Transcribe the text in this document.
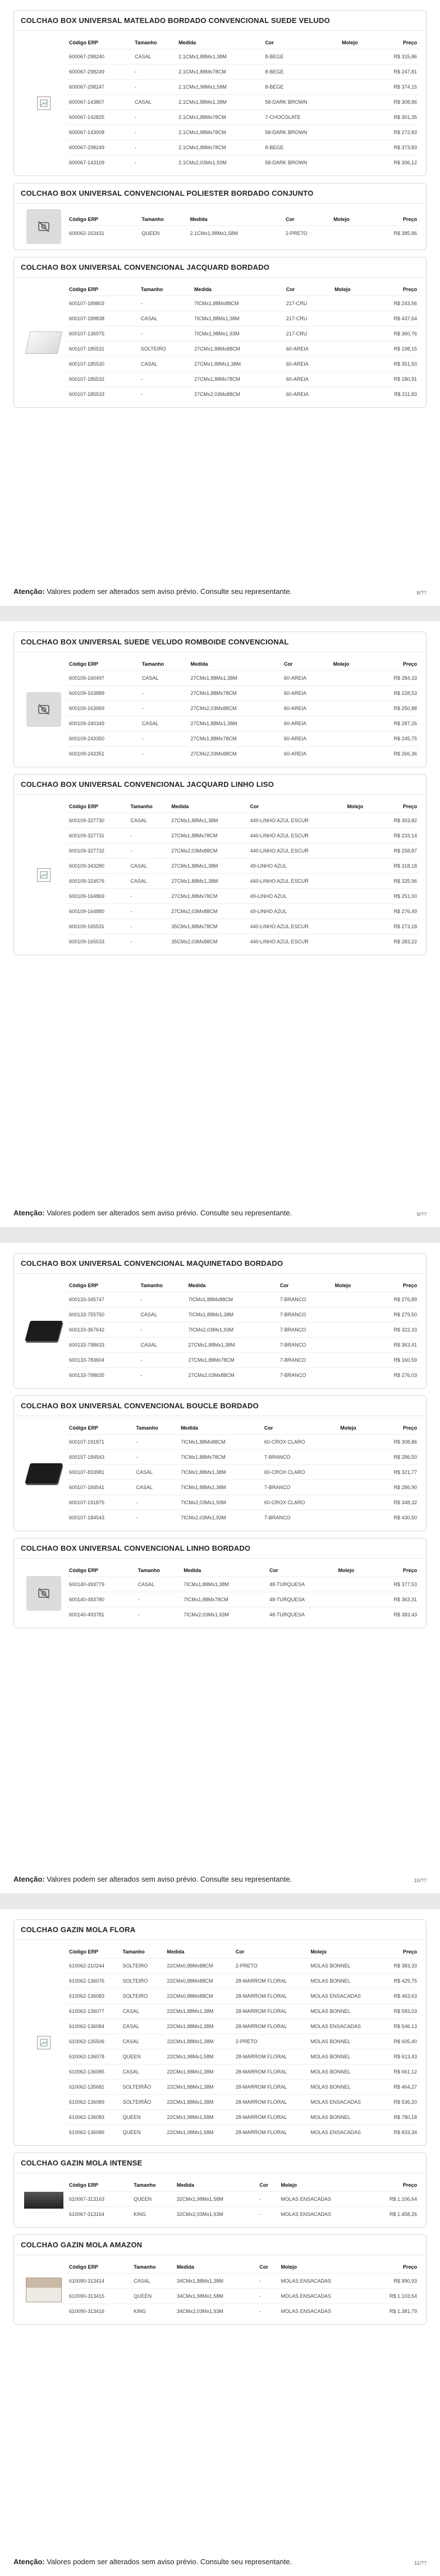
COLCHAO BOX UNIVERSAL MATELADO BORDADO CONVENCIONAL SUEDE VELUDO
Código ERP	Tamanho	Medida	Cor	Molejo	Preço
600067-298240	CASAL	2.1CMx1,88Mx1,38M	8-BEGE		R$ 315,86
600067-298249	-	2.1CMx1,88Mx78CM	8-BEGE		R$ 247,81
600067-298247	-	2.1CMx1,98Mx1,58M	8-BEGE		R$ 374,15
600067-143807	CASAL	2.1CMx1,88Mx1,38M	58-DARK BROWN		R$ 308,86
600067-142825	-	2.1CMx1,88Mx78CM	7-CHOCOLATE		R$ 301,35
600067-143008	-	2.1CMx1,88Mx78CM	58-DARK BROWN		R$ 272,83
600067-298249	-	2.1CMx1,88Mx78CM	8-BEGE		R$ 373,83
600067-143109	-	2.1CMx2,03Mx1,93M	58-DARK BROWN		R$ 306,12
COLCHAO BOX UNIVERSAL CONVENCIONAL POLIESTER BORDADO CONJUNTO
Código ERP	Tamanho	Medida	Cor	Molejo	Preço
600062-163431	QUEEN	2.1CMx1,98Mx1,58M	2-PRETO		R$ 385,86
COLCHAO BOX UNIVERSAL CONVENCIONAL JACQUARD BORDADO
Código ERP	Tamanho	Medida	Cor	Molejo	Preço
600107-189803	-	7ICMx1,88Mx88CM	217-CRU		R$ 243,56
600107-189838	CASAL	7ICMx1,88Mx1,38M	217-CRU		R$ 437,64
600107-136975	-	7ICMx1,98Mx1,93M	217-CRU		R$ 360,76
600107-185531	SOLTEIRO	27CMx1,88Mx88CM	60-AREIA		R$ 198,15
600107-185530	CASAL	27CMx1,88Mx1,38M	60-AREIA		R$ 351,50
600107-185532	-	27CMx1,88Mx78CM	60-AREIA		R$ 180,91
600107-185533	-	27CMx2,03Mx88CM	60-AREIA		R$ 211,83
Atenção: Valores podem ser alterados sem aviso prévio. Consulte seu representante.	8/??
COLCHAO BOX UNIVERSAL SUEDE VELUDO ROMBOIDE CONVENCIONAL
Código ERP	Tamanho	Medida	Cor	Molejo	Preço
600109-160497	CASAL	27CMx1,88Mx1,38M	60-AREIA		R$ 284,33
600109-163889	-	27CMx1,88Mx78CM	60-AREIA		R$ 228,53
600109-163969	-	27CMx2,03Mx88CM	60-AREIA		R$ 250,88
600109-240349	CASAL	27CMx1,88Mx1,38M	60-AREIA		R$ 287,26
600109-243350	-	27CMx1,88Mx78CM	60-AREIA		R$ 245,75
600109-243351	-	27CMx2,03Mx88CM	60-AREIA		R$ 266,36
COLCHAO BOX UNIVERSAL CONVENCIONAL JACQUARD LINHO LISO
Código ERP	Tamanho	Medida	Cor	Molejo	Preço
600109-327730	CASAL	27CMx1,88Mx1,38M	440-LINHO AZUL ESCUR		R$ 303,82
600109-327731	-	27CMx1,88Mx78CM	440-LINHO AZUL ESCUR		R$ 233,14
600109-327732	-	27CMx2,03Mx88CM	440-LINHO AZUL ESCUR		R$ 258,87
600109-343280	CASAL	27CMx1,88Mx1,38M	49-LINHO AZUL		R$ 318,18
600109-324576	CASAL	27CMx1,88Mx1,38M	440-LINHO AZUL ESCUR		R$ 325,96
600109-164869	-	27CMx1,88Mx78CM	49-LINHO AZUL		R$ 251,00
600109-164880	-	27CMx2,03Mx88CM	49-LINHO AZUL		R$ 276,49
600109-165531	-	35CMx1,88Mx78CM	440-LINHO AZUL ESCUR		R$ 273,18
600109-165533	-	35CMx2,03Mx88CM	440-LINHO AZUL ESCUR		R$ 283,22
Atenção: Valores podem ser alterados sem aviso prévio. Consulte seu representante.	9/??
COLCHAO BOX UNIVERSAL CONVENCIONAL MAQUINETADO BORDADO
Código ERP	Tamanho	Medida	Cor	Molejo	Preço
600133-345747	-	7ICMx1,88Mx88CM	7-BRANCO		R$ 276,89
600133-755750	CASAL	7ICMx1,88Mx1,38M	7-BRANCO		R$ 279,50
600133-367642	-	7ICMx2,03Mx1,93M	7-BRANCO		R$ 322,33
600133-798633	CASAL	27CMx1,88Mx1,38M	7-BRANCO		R$ 363,41
600133-783604	-	27CMx1,88Mx78CM	7-BRANCO		R$ 160,59
600133-798635	-	27CMx2,03Mx88CM	7-BRANCO		R$ 276,03
COLCHAO BOX UNIVERSAL CONVENCIONAL BOUCLE BORDADO
Código ERP	Tamanho	Medida	Cor	Molejo	Preço
600107-191871	-	7ICMx1,88Mx88CM	60-CROX CLARO		R$ 308,86
600157-184543	-	7ICMx1,88Mx78CM	7-BRANCO		R$ 286,50
600107-833981	CASAL	7ICMx1,88Mx1,38M	60-CROX CLARO		R$ 321,77
600107-184541	CASAL	7ICMx1,88Mx1,38M	7-BRANCO		R$ 286,90
600107-191875	-	7ICMx2,03Mx1,93M	60-CROX CLARO		R$ 348,32
600107-184543	-	7ICMx2,03Mx1,93M	7-BRANCO		R$ 430,50
COLCHAO BOX UNIVERSAL CONVENCIONAL LINHO BORDADO
Código ERP	Tamanho	Medida	Cor	Molejo	Preço
600140-493779	CASAL	7ICMx1,88Mx1,38M	48-TURQUESA		R$ 377,53
600140-493780	-	7ICMx1,88Mx78CM	48-TURQUESA		R$ 363,31
600140-493781	-	7ICMx2,03Mx1,93M	48-TURQUESA		R$ 383,43
Atenção: Valores podem ser alterados sem aviso prévio. Consulte seu representante.	10/??
COLCHAO GAZIN MOLA FLORA
Código ERP	Tamanho	Medida	Cor	Molejo	Preço
610062-210244	SOLTEIRO	22CMx0,88Mx88CM	2-PRETO	MOLAS BONNEL	R$ 383,33
610062-136076	SOLTEIRO	22CMx0,88Mx88CM	28-MARROM FLORAL	MOLAS BONNEL	R$ 429,75
610062-136083	SOLTEIRO	22CMx0,88Mx88CM	28-MARROM FLORAL	MOLAS ENSACADAS	R$ 463,63
610062-136077	CASAL	22CMx1,88Mx1,38M	28-MARROM FLORAL	MOLAS BONNEL	R$ 583,03
610062-136084	CASAL	22CMx1,88Mx1,38M	28-MARROM FLORAL	MOLAS ENSACADAS	R$ 546,13
610062-135506	CASAL	22CMx1,88Mx1,38M	2-PRETO	MOLAS BONNEL	R$ 605,40
610062-136078	QUEEN	22CMx1,98Mx1,58M	28-MARROM FLORAL	MOLAS BONNEL	R$ 613,43
610062-136085	CASAL	22CMx1,88Mx1,38M	28-MARROM FLORAL	MOLAS BONNEL	R$ 661,12
610062-135681	SOLTEIRÃO	22CMx1,88Mx1,38M	28-MARROM FLORAL	MOLAS BONNEL	R$ 464,27
610062-136089	SOLTEIRÃO	22CMx1,88Mx1,38M	28-MARROM FLORAL	MOLAS ENSACADAS	R$ 536,20
610062-136083	QUEEN	22CMx1,98Mx1,58M	28-MARROM FLORAL	MOLAS BONNEL	R$ 780,18
610062-136086	QUEEN	22CMx1,98Mx1,58M	28-MARROM FLORAL	MOLAS ENSACADAS	R$ 833,34
COLCHAO GAZIN MOLA INTENSE
Código ERP	Tamanho	Medida	Cor	Molejo	Preço
610067-313163	QUEEN	32CMx1,98Mx1,58M	-	MOLAS ENSACADAS	R$ 1.106,64
610067-313164	KING	32CMx2,03Mx1,93M	-	MOLAS ENSACADAS	R$ 1.458,26
COLCHAO GAZIN MOLA AMAZON
Código ERP	Tamanho	Medida	Cor	Molejo	Preço
610090-313414	CASAL	34CMx1,88Mx1,38M	-	MOLAS ENSACADAS	R$ 990,93
610090-313415	QUEEN	34CMx1,98Mx1,58M	-	MOLAS ENSACADAS	R$ 1.103,54
610090-313416	KING	34CMx2,03Mx1,93M	-	MOLAS ENSACADAS	R$ 1.381,79
Atenção: Valores podem ser alterados sem aviso prévio. Consulte seu representante.	11/??
